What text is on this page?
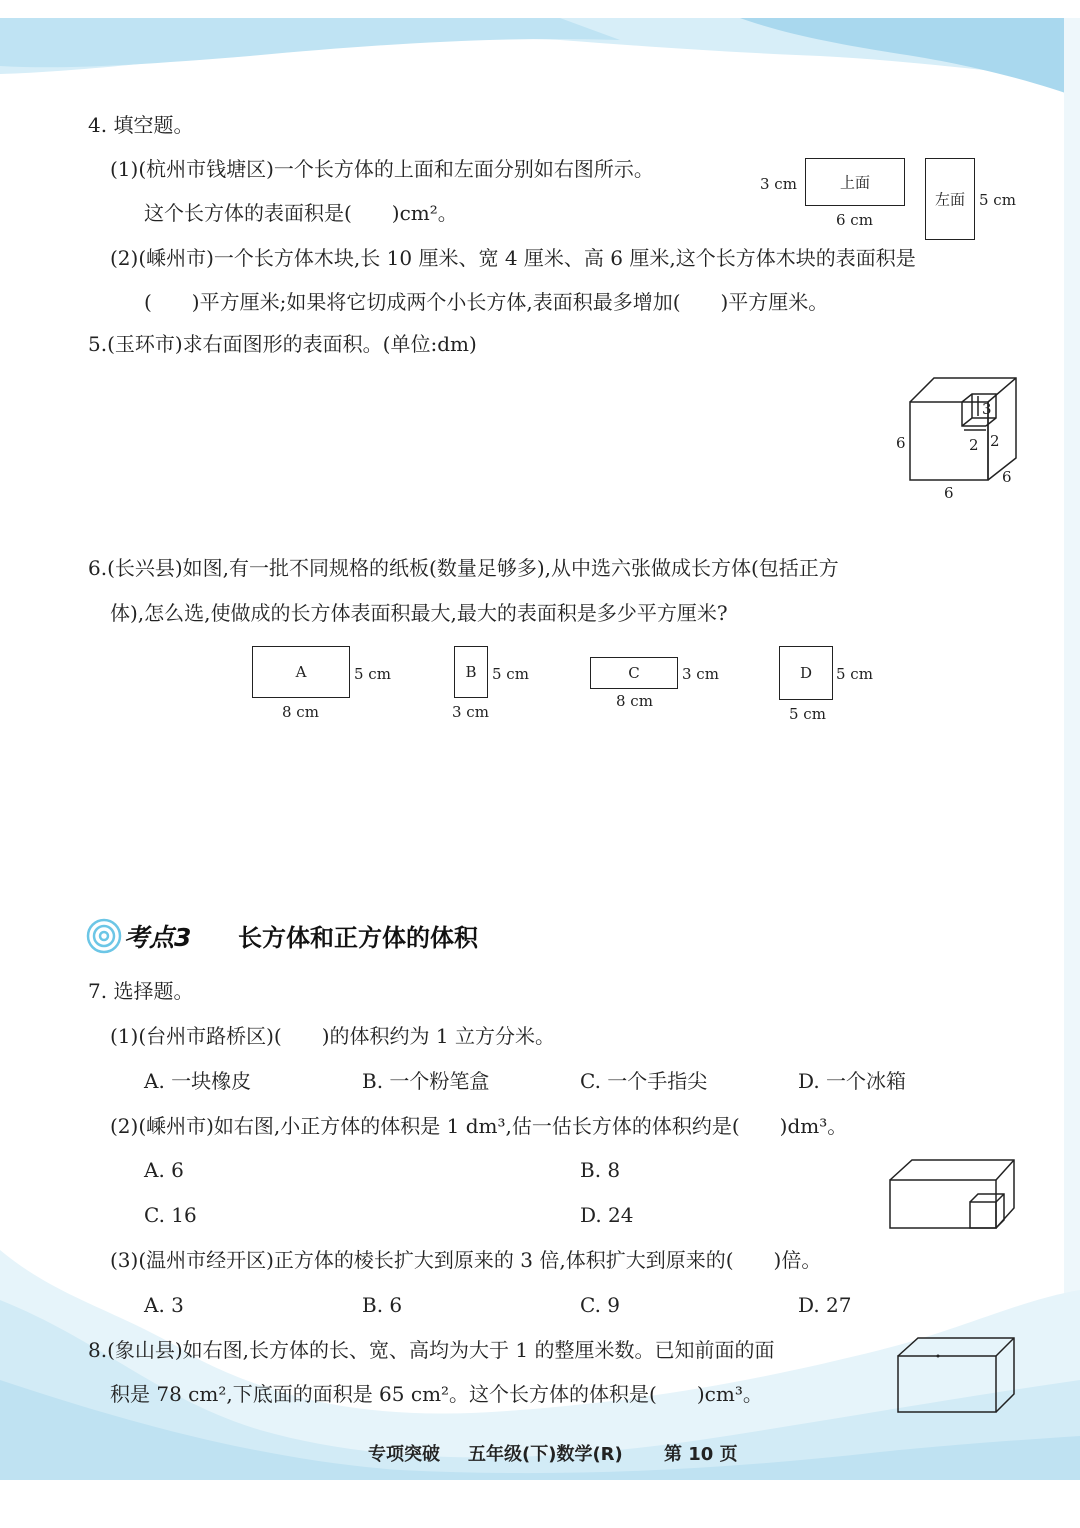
4. 填空题。
(1)(杭州市钱塘区)一个长方体的上面和左面分别如右图所示。
这个长方体的表面积是(　　)cm²。
(2)(嵊州市)一个长方体木块,长 10 厘米、宽 4 厘米、高 6 厘米,这个长方体木块的表面积是
(　　)平方厘米;如果将它切成两个小长方体,表面积最多增加(　　)平方厘米。
3 cm	上面
6 cm
左面 5 cm
5.(玉环市)求右面图形的表面积。(单位:dm)
6
6
6
3
2 2
6.(长兴县)如图,有一批不同规格的纸板(数量足够多),从中选六张做成长方体(包括正方
体),怎么选,使做成的长方体表面积最大,最大的表面积是多少平方厘米?
A	5 cm
8 cm
B	5 cm
3 cm
C	3 cm
8 cm
D	5 cm
5 cm
考点3 长方体和正方体的体积
7. 选择题。
(1)(台州市路桥区)(　　)的体积约为 1 立方分米。
A. 一块橡皮	B. 一个粉笔盒	C. 一个手指尖	D. 一个冰箱
(2)(嵊州市)如右图,小正方体的体积是 1 dm³,估一估长方体的体积约是(　　)dm³。
A. 6	B. 8
C. 16	D. 24
(3)(温州市经开区)正方体的棱长扩大到原来的 3 倍,体积扩大到原来的(　　)倍。
A. 3	B. 6	C. 9	D. 27
8.(象山县)如右图,长方体的长、宽、高均为大于 1 的整厘米数。已知前面的面
积是 78 cm²,下底面的面积是 65 cm²。这个长方体的体积是(　　)cm³。
专项突破 五年级(下)数学(R) 第 10 页
